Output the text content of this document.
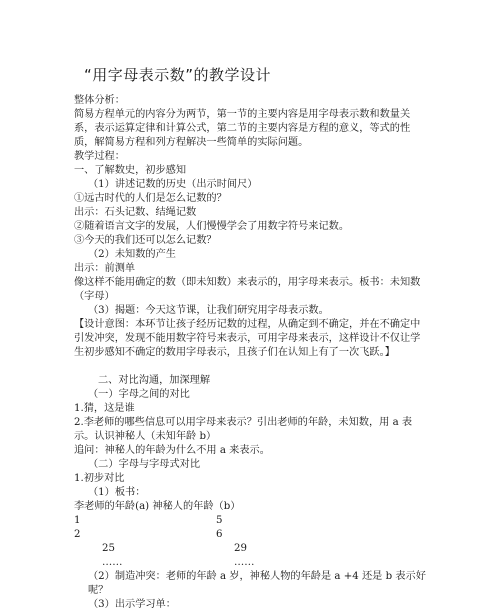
“用字母表示数”的教学设计

整体分析：

简易方程单元的内容分为两节，第一节的主要内容是用字母表示数和数量关系，表示运算定律和计算公式，第二节的主要内容是方程的意义，等式的性质，解简易方程和列方程解决一些简单的实际问题。

教学过程：

一、了解数史，初步感知

（1）讲述记数的历史（出示时间尺）

①远古时代的人们是怎么记数的？

出示：石头记数、结绳记数

②随着语言文字的发展，人们慢慢学会了用数字符号来记数。

③今天的我们还可以怎么记数？

（2）未知数的产生

出示：前测单

像这样不能用确定的数（即未知数）来表示的，用字母来表示。板书：未知数（字母）

（3）揭题：今天这节课，让我们研究用字母表示数。

【设计意图：本环节让孩子经历记数的过程，从确定到不确定，并在不确定中引发冲突，发现不能用数字符号来表示，可用字母来表示，这样设计不仅让学生初步感知不确定的数用字母表示，且孩子们在认知上有了一次飞跃。】

二、对比沟通，加深理解

（一）字母之间的对比

1.猜，这是谁

2.李老师的哪些信息可以用字母来表示？引出老师的年龄，未知数，用 a 表示。认识神秘人（未知年龄 b）

追问：神秘人的年龄为什么不用 a 来表示。

（二）字母与字母式对比

1.初步对比

（1）板书：

李老师的年龄(a) 神秘人的年龄（b）

1	5
2	6
25	29
……	……

（2）制造冲突：老师的年龄 a 岁，神秘人物的年龄是 a +4 还是 b 表示好呢？

（3）出示学习单：
